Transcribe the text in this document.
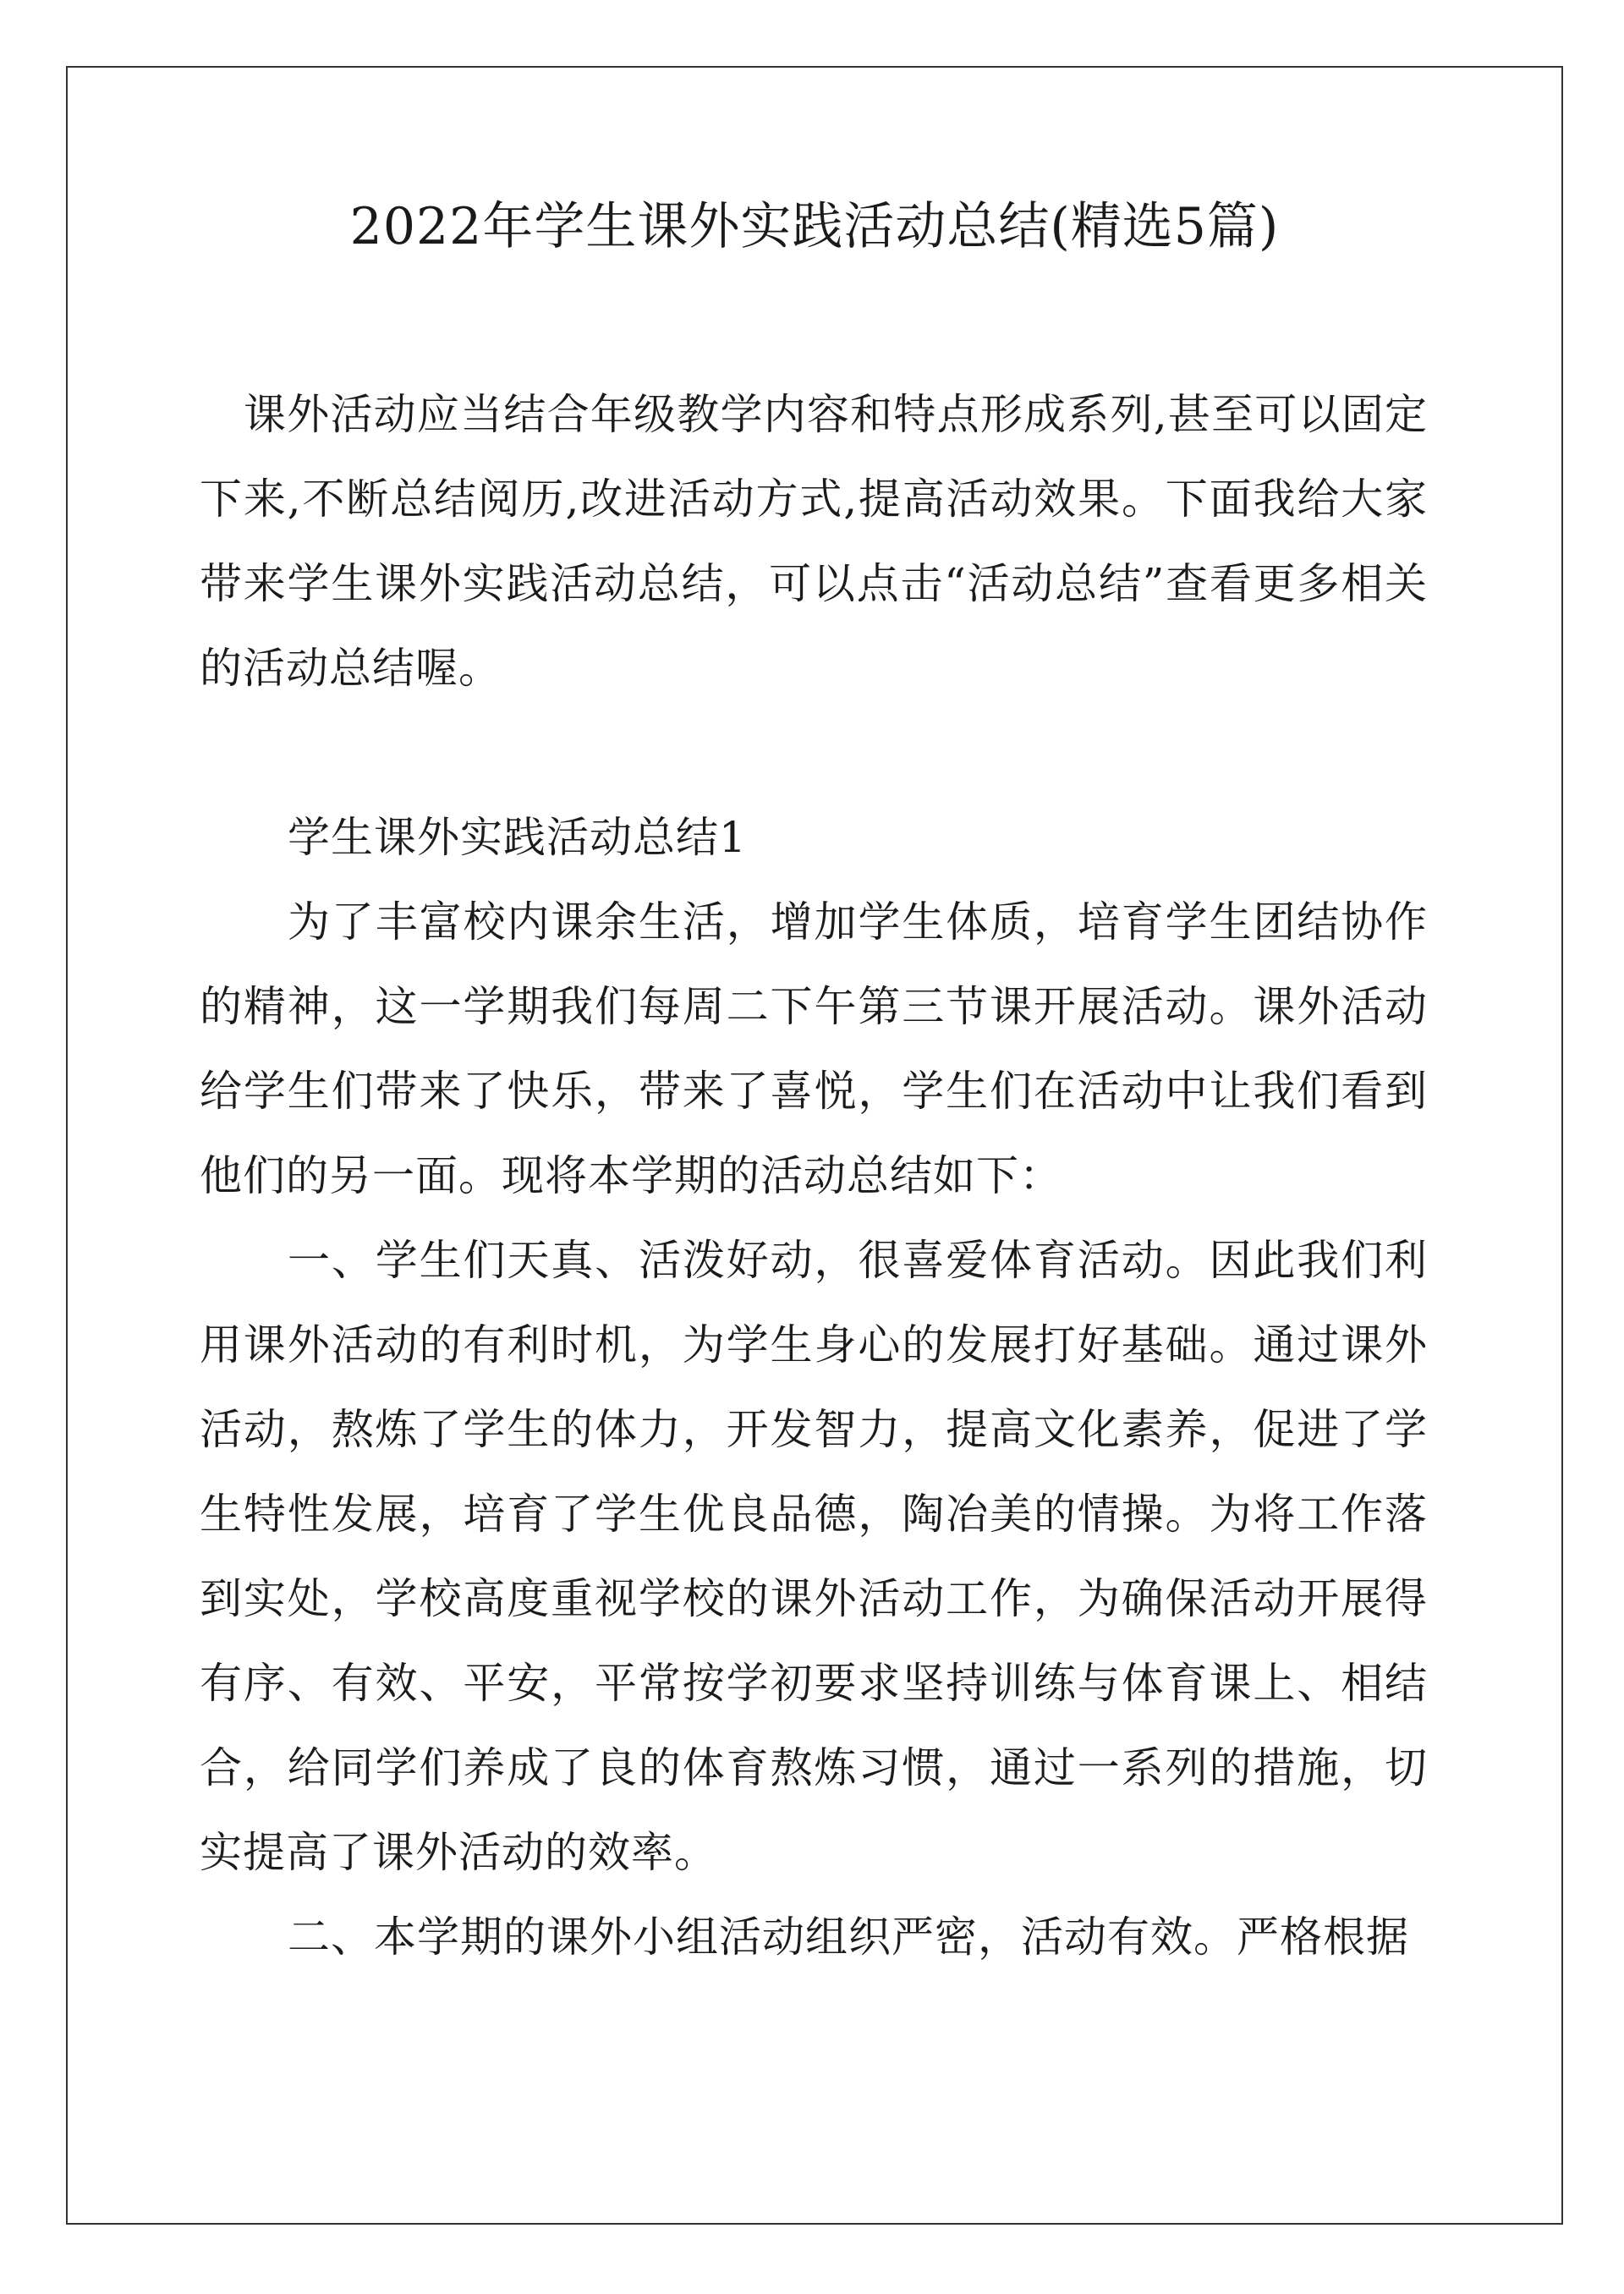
2022年学生课外实践活动总结(精选5篇)

课外活动应当结合年级教学内容和特点形成系列,甚至可以固定下来,不断总结阅历,改进活动方式,提高活动效果。下面我给大家带来学生课外实践活动总结，可以点击“活动总结”查看更多相关的活动总结喔。

学生课外实践活动总结1

为了丰富校内课余生活，增加学生体质，培育学生团结协作的精神，这一学期我们每周二下午第三节课开展活动。课外活动给学生们带来了快乐，带来了喜悦，学生们在活动中让我们看到他们的另一面。现将本学期的活动总结如下：

一、学生们天真、活泼好动，很喜爱体育活动。因此我们利用课外活动的有利时机，为学生身心的发展打好基础。通过课外活动，熬炼了学生的体力，开发智力，提高文化素养，促进了学生特性发展，培育了学生优良品德，陶冶美的情操。为将工作落到实处，学校高度重视学校的课外活动工作，为确保活动开展得有序、有效、平安，平常按学初要求坚持训练与体育课上、相结合，给同学们养成了良的体育熬炼习惯，通过一系列的措施，切实提高了课外活动的效率。

二、本学期的课外小组活动组织严密，活动有效。严格根据
